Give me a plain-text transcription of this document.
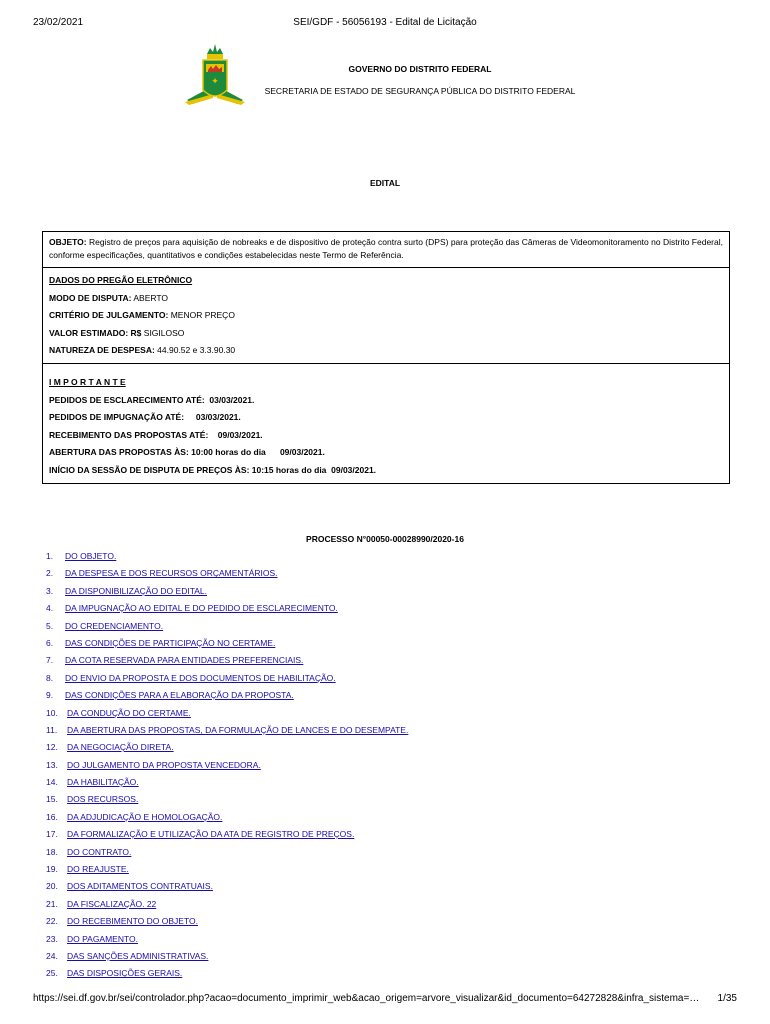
23/02/2021	SEI/GDF - 56056193 - Edital de Licitação
✦
GOVERNO DO DISTRITO FEDERAL
SECRETARIA DE ESTADO DE SEGURANÇA PÚBLICA DO DISTRITO FEDERAL
EDITAL
OBJETO: Registro de preços para aquisição de nobreaks e de dispositivo de proteção contra surto (DPS) para proteção das Câmeras de Videomonitoramento no Distrito Federal, conforme especificações, quantitativos e condições estabelecidas neste Termo de Referência.
DADOS DO PREGÃO ELETRÔNICO
MODO DE DISPUTA: ABERTO
CRITÉRIO DE JULGAMENTO: MENOR PREÇO
VALOR ESTIMADO: R$ SIGILOSO
NATUREZA DE DESPESA: 44.90.52 e 3.3.90.30
I M P O R T A N T E
PEDIDOS DE ESCLARECIMENTO ATÉ:  03/03/2021.
PEDIDOS DE IMPUGNAÇÃO ATÉ:     03/03/2021.
RECEBIMENTO DAS PROPOSTAS ATÉ:    09/03/2021.
ABERTURA DAS PROPOSTAS ÀS: 10:00 horas do dia      09/03/2021.
INÍCIO DA SESSÃO DE DISPUTA DE PREÇOS ÀS: 10:15 horas do dia  09/03/2021.
PROCESSO N°00050-00028990/2020-16
1. DO OBJETO.
2. DA DESPESA E DOS RECURSOS ORÇAMENTÁRIOS.
3. DA DISPONIBILIZAÇÃO DO EDITAL.
4. DA IMPUGNAÇÃO AO EDITAL E DO PEDIDO DE ESCLARECIMENTO.
5. DO CREDENCIAMENTO.
6. DAS CONDIÇÕES DE PARTICIPAÇÃO NO CERTAME.
7. DA COTA RESERVADA PARA ENTIDADES PREFERENCIAIS.
8. DO ENVIO DA PROPOSTA E DOS DOCUMENTOS DE HABILITAÇÃO.
9. DAS CONDIÇÕES PARA A ELABORAÇÃO DA PROPOSTA.
10. DA CONDUÇÃO DO CERTAME.
11. DA ABERTURA DAS PROPOSTAS, DA FORMULAÇÃO DE LANCES E DO DESEMPATE.
12. DA NEGOCIAÇÃO DIRETA.
13. DO JULGAMENTO DA PROPOSTA VENCEDORA.
14. DA HABILITAÇÃO.
15. DOS RECURSOS.
16. DA ADJUDICAÇÃO E HOMOLOGAÇÃO.
17. DA FORMALIZAÇÃO E UTILIZAÇÃO DA ATA DE REGISTRO DE PREÇOS.
18. DO CONTRATO.
19. DO REAJUSTE.
20. DOS ADITAMENTOS CONTRATUAIS.
21. DA FISCALIZAÇÃO. 22
22. DO RECEBIMENTO DO OBJETO.
23. DO PAGAMENTO.
24. DAS SANÇÕES ADMINISTRATIVAS.
25. DAS DISPOSIÇÕES GERAIS.
https://sei.df.gov.br/sei/controlador.php?acao=documento_imprimir_web&acao_origem=arvore_visualizar&id_documento=64272828&infra_sistema=… 1/35
